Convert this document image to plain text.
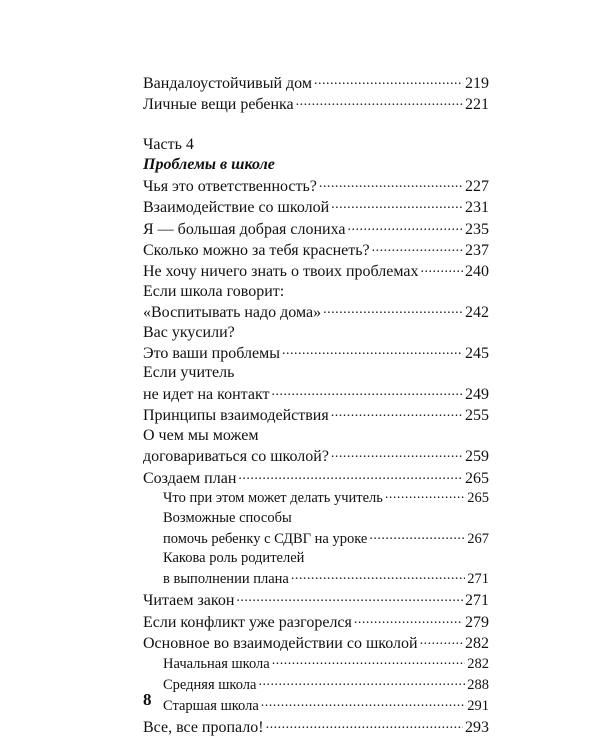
Вандалоустойчивый дом .....	219
Личные вещи ребенка .....	221
Часть 4
Проблемы в школе
Чья это ответственность? .....	227
Взаимодействие со школой .....	231
Я — большая добрая слониха .....	235
Сколько можно за тебя краснеть? .....	237
Не хочу ничего знать о твоих проблемах .....	240
Если школа говорит:
«Воспитывать надо дома» .....	242
Вас укусили?
Это ваши проблемы .....	245
Если учитель
не идет на контакт .....	249
Принципы взаимодействия .....	255
О чем мы можем
договариваться со школой? .....	259
Создаем план .....	265
Что при этом может делать учитель .....	265
Возможные способы
помочь ребенку с СДВГ на уроке .....	267
Какова роль родителей
в выполнении плана .....	271
Читаем закон .....	271
Если конфликт уже разгорелся .....	279
Основное во взаимодействии со школой .....	282
Начальная школа .....	282
Средняя школа .....	288
Старшая школа .....	291
Все, все пропало! .....	293
8
